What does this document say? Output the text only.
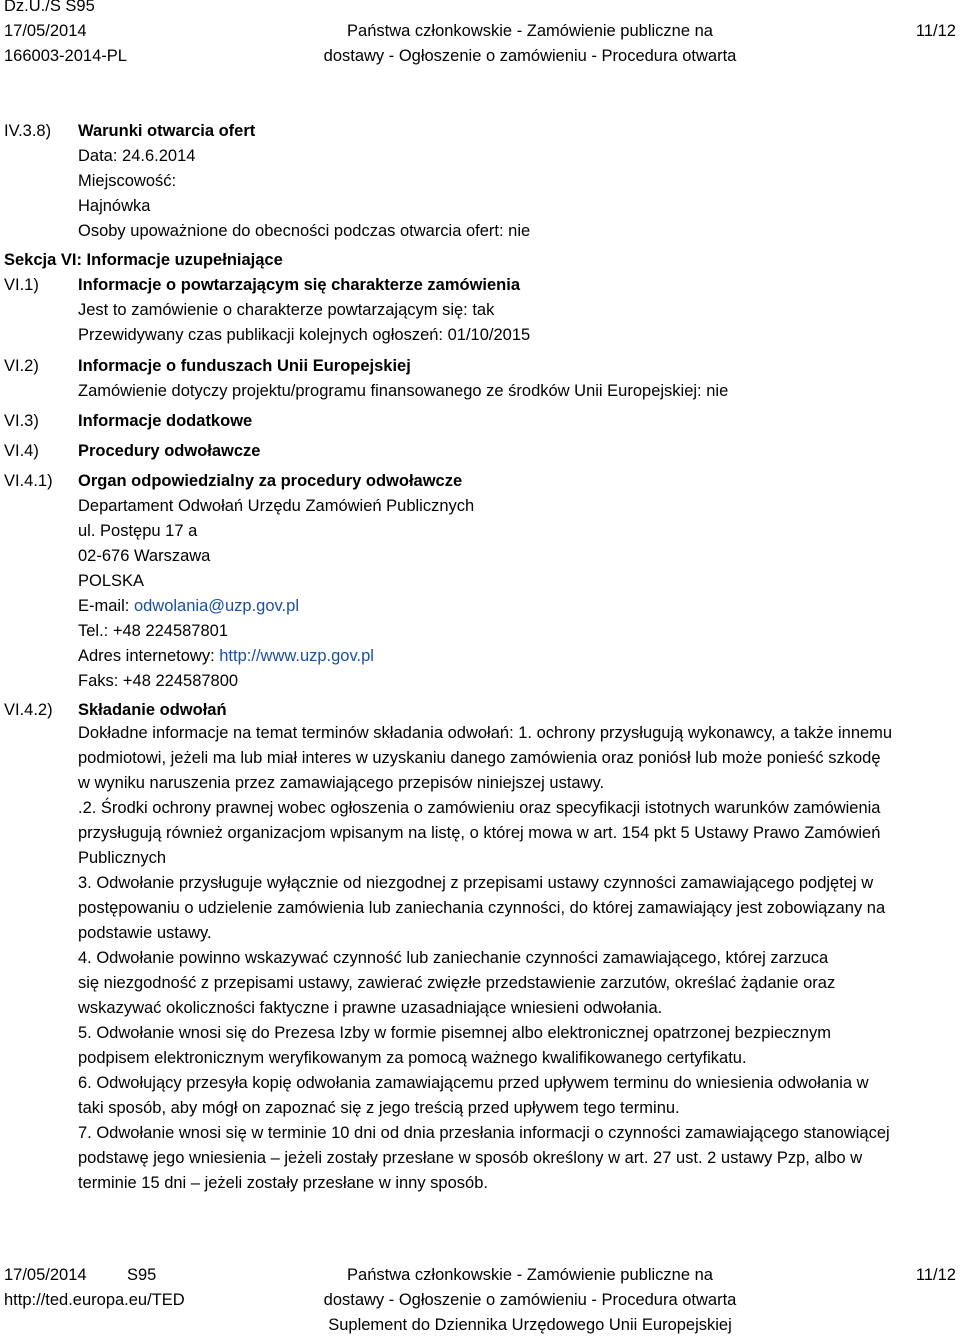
Dz.U./S S95
17/05/2014
166003-2014-PL
Państwa członkowskie - Zamówienie publiczne na
dostawy - Ogłoszenie o zamówieniu - Procedura otwarta
11/12
IV.3.8) Warunki otwarcia ofert
Data: 24.6.2014
Miejscowość:
Hajnówka
Osoby upoważnione do obecności podczas otwarcia ofert: nie
Sekcja VI: Informacje uzupełniające
VI.1) Informacje o powtarzającym się charakterze zamówienia
Jest to zamówienie o charakterze powtarzającym się: tak
Przewidywany czas publikacji kolejnych ogłoszeń: 01/10/2015
VI.2) Informacje o funduszach Unii Europejskiej
Zamówienie dotyczy projektu/programu finansowanego ze środków Unii Europejskiej: nie
VI.3) Informacje dodatkowe
VI.4) Procedury odwoławcze
VI.4.1) Organ odpowiedzialny za procedury odwoławcze
Departament Odwołań Urzędu Zamówień Publicznych
ul. Postępu 17 a
02-676 Warszawa
POLSKA
E-mail: odwolania@uzp.gov.pl
Tel.: +48 224587801
Adres internetowy: http://www.uzp.gov.pl
Faks: +48 224587800
VI.4.2) Składanie odwołań
Dokładne informacje na temat terminów składania odwołań: 1. ochrony przysługują wykonawcy, a także innemu
podmiotowi, jeżeli ma lub miał interes w uzyskaniu danego zamówienia oraz poniósł lub może ponieść szkodę
w wyniku naruszenia przez zamawiającego przepisów niniejszej ustawy.
.2. Środki ochrony prawnej wobec ogłoszenia o zamówieniu oraz specyfikacji istotnych warunków zamówienia
przysługują również organizacjom wpisanym na listę, o której mowa w art. 154 pkt 5 Ustawy Prawo Zamówień
Publicznych
3. Odwołanie przysługuje wyłącznie od niezgodnej z przepisami ustawy czynności zamawiającego podjętej w
postępowaniu o udzielenie zamówienia lub zaniechania czynności, do której zamawiający jest zobowiązany na
podstawie ustawy.
4. Odwołanie powinno wskazywać czynność lub zaniechanie czynności zamawiającego, której zarzuca
się niezgodność z przepisami ustawy, zawierać zwięzłe przedstawienie zarzutów, określać żądanie oraz
wskazywać okoliczności faktyczne i prawne uzasadniające wniesieni odwołania.
5. Odwołanie wnosi się do Prezesa Izby w formie pisemnej albo elektronicznej opatrzonej bezpiecznym
podpisem elektronicznym weryfikowanym za pomocą ważnego kwalifikowanego certyfikatu.
6. Odwołujący przesyła kopię odwołania zamawiającemu przed upływem terminu do wniesienia odwołania w
taki sposób, aby mógł on zapoznać się z jego treścią przed upływem tego terminu.
7. Odwołanie wnosi się w terminie 10 dni od dnia przesłania informacji o czynności zamawiającego stanowiącej
podstawę jego wniesienia – jeżeli zostały przesłane w sposób określony w art. 27 ust. 2 ustawy Pzp, albo w
terminie 15 dni – jeżeli zostały przesłane w inny sposób.
17/05/2014 S95
http://ted.europa.eu/TED
Państwa członkowskie - Zamówienie publiczne na
dostawy - Ogłoszenie o zamówieniu - Procedura otwarta
Suplement do Dziennika Urzędowego Unii Europejskiej
11/12
